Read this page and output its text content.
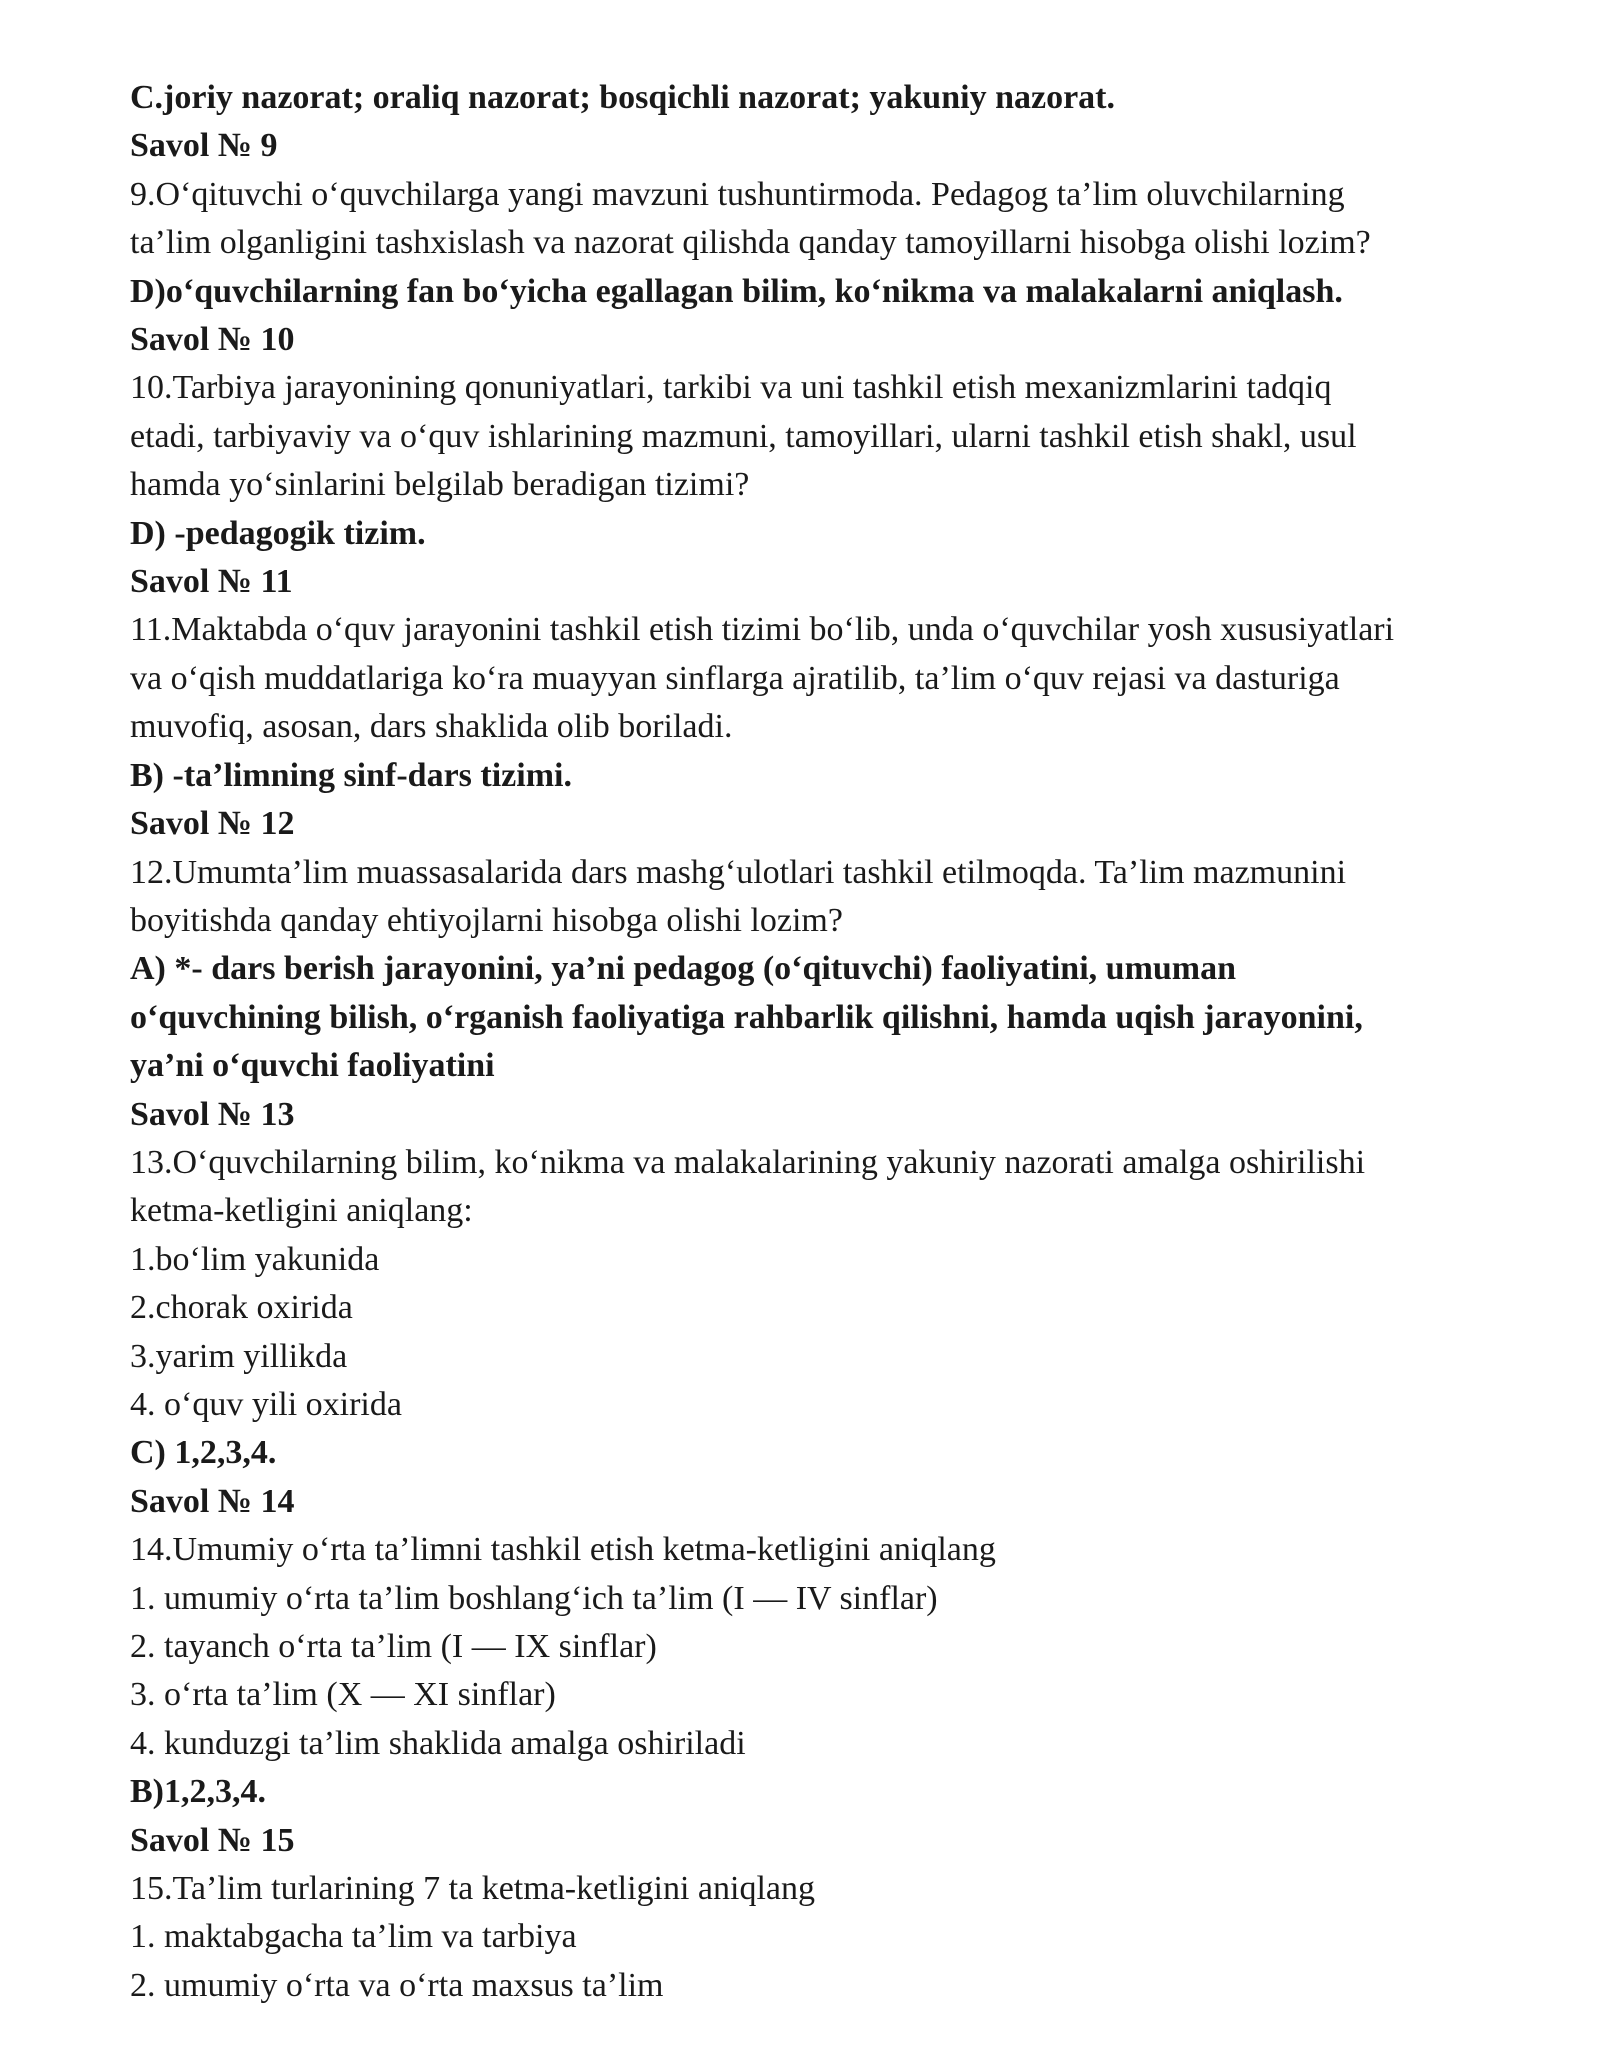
C.joriy nazorat; oraliq nazorat; bosqichli nazorat; yakuniy nazorat.
Savol № 9
9.O‘qituvchi o‘quvchilarga yangi mavzuni tushuntirmoda. Pedagog ta’lim oluvchilarning
ta’lim olganligini tashxislash va nazorat qilishda qanday tamoyillarni hisobga olishi lozim?
D)o‘quvchilarning fan bo‘yicha egallagan bilim, ko‘nikma va malakalarni aniqlash.
Savol № 10
10.Tarbiya jarayonining qonuniyatlari, tarkibi va uni tashkil etish mexanizmlarini tadqiq
etadi, tarbiyaviy va o‘quv ishlarining mazmuni, tamoyillari, ularni tashkil etish shakl, usul
hamda yo‘sinlarini belgilab beradigan tizimi?
D) -pedagogik tizim.
Savol № 11
11.Maktabda o‘quv jarayonini tashkil etish tizimi bo‘lib, unda o‘quvchilar yosh xususiyatlari
va o‘qish muddatlariga ko‘ra muayyan sinflarga ajratilib, ta’lim o‘quv rejasi va dasturiga
muvofiq, asosan, dars shaklida olib boriladi.
B) -ta’limning sinf-dars tizimi.
Savol № 12
12.Umumta’lim muassasalarida dars mashg‘ulotlari tashkil etilmoqda. Ta’lim mazmunini
boyitishda qanday ehtiyojlarni hisobga olishi lozim?
A) *- dars berish jarayonini, ya’ni pedagog (o‘qituvchi) faoliyatini, umuman
o‘quvchining bilish, o‘rganish faoliyatiga rahbarlik qilishni, hamda uqish jarayonini,
ya’ni o‘quvchi faoliyatini
Savol № 13
13.O‘quvchilarning bilim, ko‘nikma va malakalarining yakuniy nazorati amalga oshirilishi
ketma-ketligini aniqlang:
1.bo‘lim yakunida
2.chorak oxirida
3.yarim yillikda
4. o‘quv yili oxirida
C) 1,2,3,4.
Savol № 14
14.Umumiy o‘rta ta’limni tashkil etish ketma-ketligini aniqlang
1. umumiy o‘rta ta’lim boshlang‘ich ta’lim (I — IV sinflar)
2. tayanch o‘rta ta’lim (I — IX sinflar)
3. o‘rta ta’lim (X — XI sinflar)
4. kunduzgi ta’lim shaklida amalga oshiriladi
B)1,2,3,4.
Savol № 15
15.Ta’lim turlarining 7 ta ketma-ketligini aniqlang
1. maktabgacha ta’lim va tarbiya
2. umumiy o‘rta va o‘rta maxsus ta’lim
